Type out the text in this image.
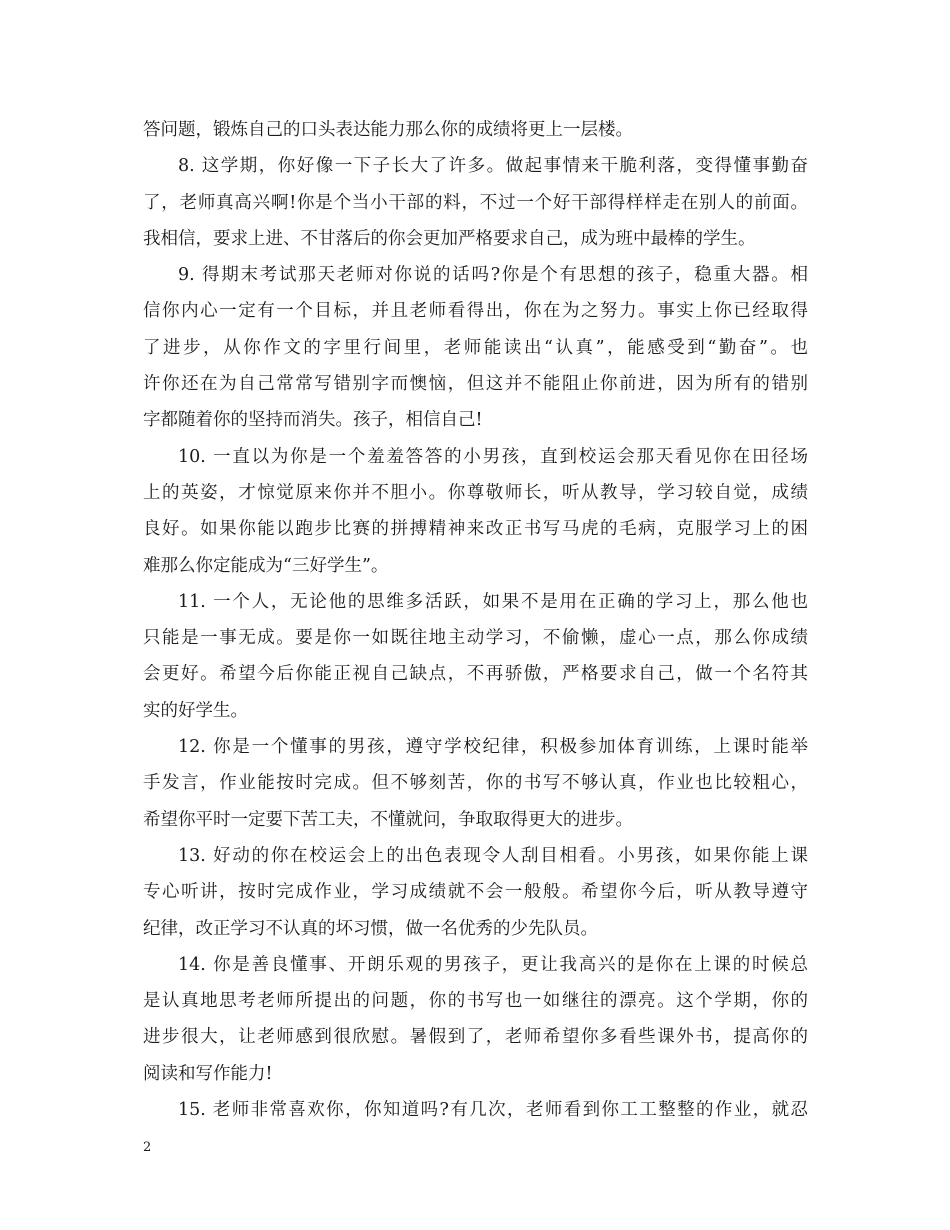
答问题，锻炼自己的口头表达能力那么你的成绩将更上一层楼。
8. 这学期，你好像一下子长大了许多。做起事情来干脆利落，变得懂事勤奋
了，老师真高兴啊!你是个当小干部的料，不过一个好干部得样样走在别人的前面。
我相信，要求上进、不甘落后的你会更加严格要求自己，成为班中最棒的学生。
9. 得期末考试那天老师对你说的话吗?你是个有思想的孩子，稳重大器。相
信你内心一定有一个目标，并且老师看得出，你在为之努力。事实上你已经取得
了进步，从你作文的字里行间里，老师能读出“认真”，能感受到“勤奋”。也
许你还在为自己常常写错别字而懊恼，但这并不能阻止你前进，因为所有的错别
字都随着你的坚持而消失。孩子，相信自己!
10. 一直以为你是一个羞羞答答的小男孩，直到校运会那天看见你在田径场
上的英姿，才惊觉原来你并不胆小。你尊敬师长，听从教导，学习较自觉，成绩
良好。如果你能以跑步比赛的拼搏精神来改正书写马虎的毛病，克服学习上的困
难那么你定能成为“三好学生”。
11. 一个人，无论他的思维多活跃，如果不是用在正确的学习上，那么他也
只能是一事无成。要是你一如既往地主动学习，不偷懒，虚心一点，那么你成绩
会更好。希望今后你能正视自己缺点，不再骄傲，严格要求自己，做一个名符其
实的好学生。
12. 你是一个懂事的男孩，遵守学校纪律，积极参加体育训练，上课时能举
手发言，作业能按时完成。但不够刻苦，你的书写不够认真，作业也比较粗心，
希望你平时一定要下苦工夫，不懂就问，争取取得更大的进步。
13. 好动的你在校运会上的出色表现令人刮目相看。小男孩，如果你能上课
专心听讲，按时完成作业，学习成绩就不会一般般。希望你今后，听从教导遵守
纪律，改正学习不认真的坏习惯，做一名优秀的少先队员。
14. 你是善良懂事、开朗乐观的男孩子，更让我高兴的是你在上课的时候总
是认真地思考老师所提出的问题，你的书写也一如继往的漂亮。这个学期，你的
进步很大，让老师感到很欣慰。暑假到了，老师希望你多看些课外书，提高你的
阅读和写作能力!
15. 老师非常喜欢你，你知道吗?有几次，老师看到你工工整整的作业，就忍
2
